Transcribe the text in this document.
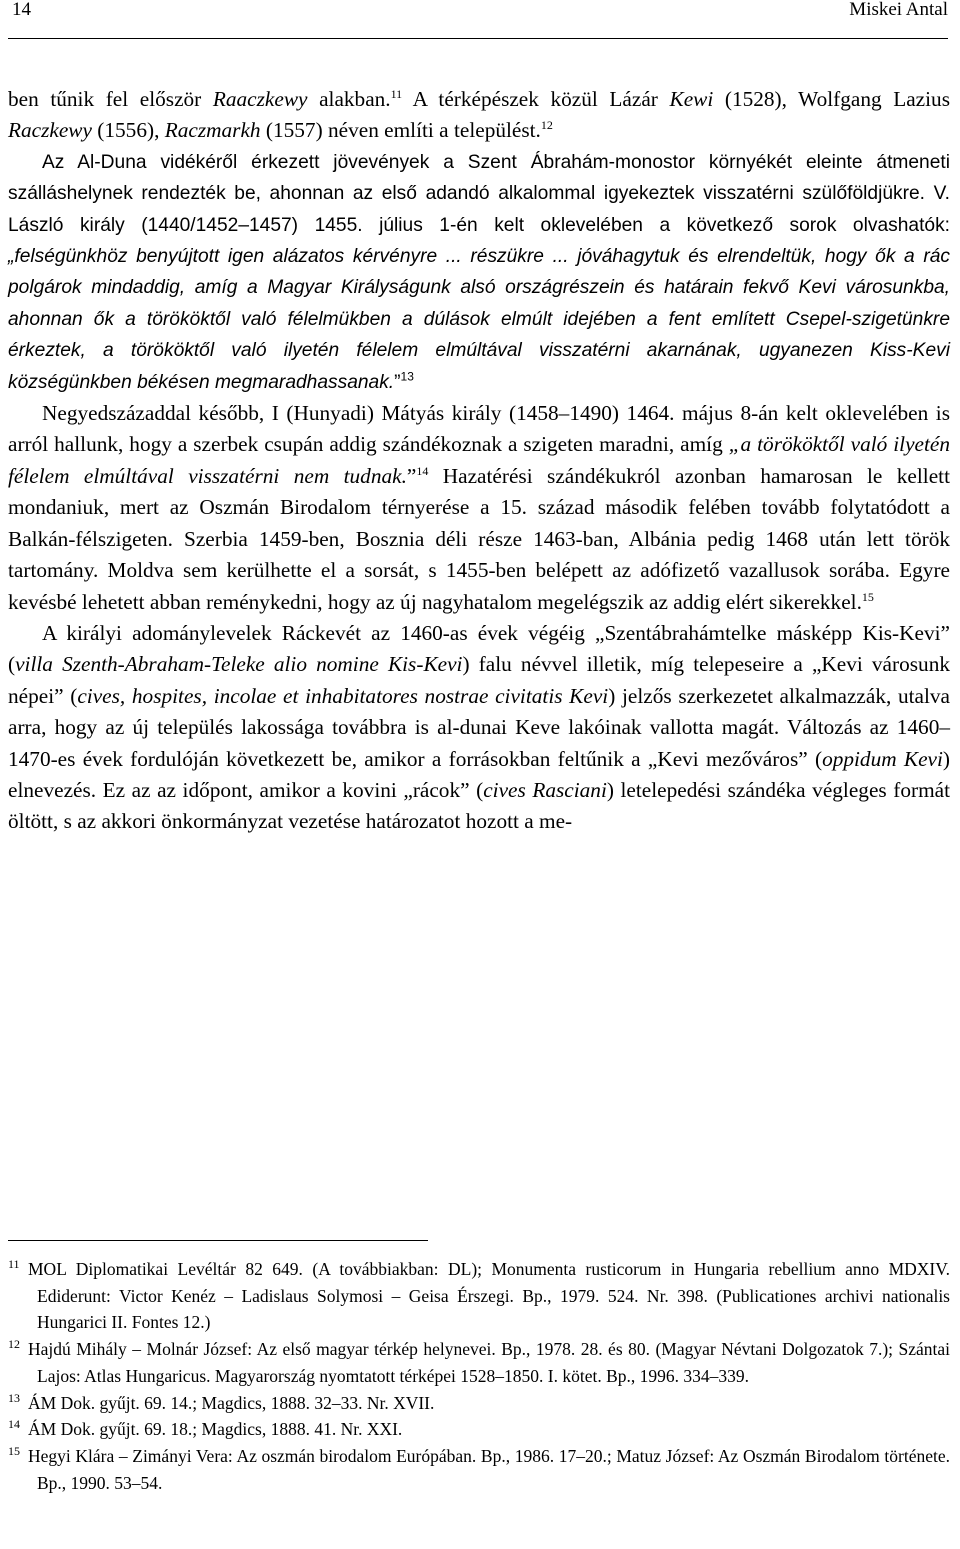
14	Miskei Antal

ben tűnik fel először Raaczkewy alakban.$^{11}$ A térképészek közül Lázár Kewi (1528), Wolfgang Lazius Raczkewy (1556), Raczmarkh (1557) néven említi a települést.$^{12}$

Az Al-Duna vidékéről érkezett jövevények a Szent Ábrahám-monostor környékét eleinte átmeneti szálláshelynek rendezték be, ahonnan az első adandó alkalommal igyekeztek visszatérni szülőföldjükre. V. László király (1440/1452–1457) 1455. július 1-én kelt oklevelében a következő sorok olvashatók: „felségünkhöz benyújtott igen alázatos kérvényre ... részükre ... jóváhagytuk és elrendeltük, hogy ők a rác polgárok mindaddig, amíg a Magyar Királyságunk alsó országrészein és határain fekvő Kevi városunkba, ahonnan ők a törököktől való félelmükben a dúlások elmúlt idejében a fent említett Csepel-szigetünkre érkeztek, a törököktől való ilyetén félelem elmúltával visszatérni akarnának, ugyanezen Kiss-Kevi községünkben békésen megmaradhassanak.”$^{13}$

Negyedszázaddal később, I (Hunyadi) Mátyás király (1458–1490) 1464. május 8-án kelt oklevelében is arról hallunk, hogy a szerbek csupán addig szándékoznak a szigeten maradni, amíg „a törököktől való ilyetén félelem elmúltával visszatérni nem tudnak.”$^{14}$ Hazatérési szándékukról azonban hamarosan le kellett mondaniuk, mert az Oszmán Birodalom térnyerése a 15. század második felében tovább folytatódott a Balkán-félszigeten. Szerbia 1459-ben, Bosznia déli része 1463-ban, Albánia pedig 1468 után lett török tartomány. Moldva sem kerülhette el a sorsát, s 1455-ben belépett az adófizető vazallusok sorába. Egyre kevésbé lehetett abban reménykedni, hogy az új nagyhatalom megelégszik az addig elért sikerekkel.$^{15}$

A királyi adománylevelek Ráckevét az 1460-as évek végéig „Szentábrahámtelke másképp Kis-Kevi” (villa Szenth-Abraham-Teleke alio nomine Kis-Kevi) falu névvel illetik, míg telepeseire a „Kevi városunk népei” (cives, hospites, incolae et inhabitatores nostrae civitatis Kevi) jelzős szerkezetet alkalmazzák, utalva arra, hogy az új település lakossága továbbra is al-dunai Keve lakóinak vallotta magát. Változás az 1460–1470-es évek fordulóján következett be, amikor a forrásokban feltűnik a „Kevi mezőváros” (oppidum Kevi) elnevezés. Ez az az időpont, amikor a kovini „rácok” (cives Rasciani) letelepedési szándéka végleges formát öltött, s az akkori önkormányzat vezetése határozatot hozott a me-

11 MOL Diplomatikai Levéltár 82 649. (A továbbiakban: DL); Monumenta rusticorum in Hungaria rebellium anno MDXIV. Ediderunt: Victor Kenéz – Ladislaus Solymosi – Geisa Érszegi. Bp., 1979. 524. Nr. 398. (Publicationes archivi nationalis Hungarici II. Fontes 12.)

12 Hajdú Mihály – Molnár József: Az első magyar térkép helynevei. Bp., 1978. 28. és 80. (Magyar Névtani Dolgozatok 7.); Szántai Lajos: Atlas Hungaricus. Magyarország nyomtatott térképei 1528–1850. I. kötet. Bp., 1996. 334–339.

13 ÁM Dok. gyűjt. 69. 14.; Magdics, 1888. 32–33. Nr. XVII.

14 ÁM Dok. gyűjt. 69. 18.; Magdics, 1888. 41. Nr. XXI.

15 Hegyi Klára – Zimányi Vera: Az oszmán birodalom Európában. Bp., 1986. 17–20.; Matuz József: Az Oszmán Birodalom története. Bp., 1990. 53–54.
